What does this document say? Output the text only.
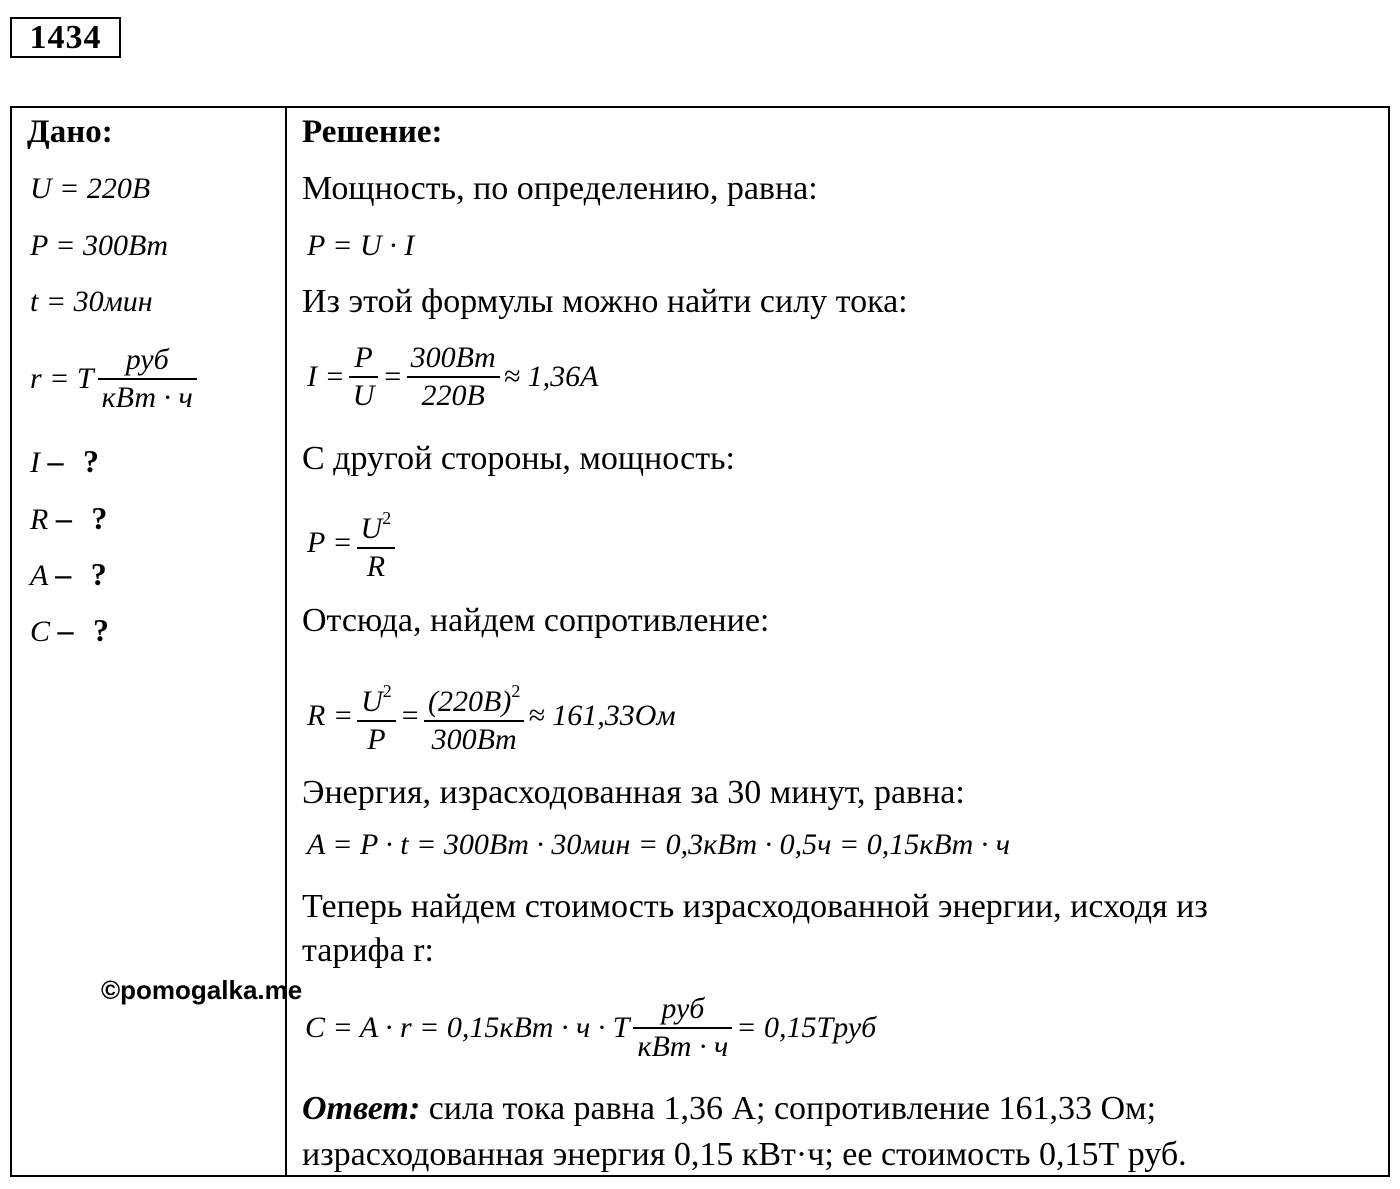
1434
Дано:
U = 220B
P = 300Bm
t = 30мин
r = T $\frac{\text{руб}}{\text{кВт · ч}}$
I – ?
R – ?
A – ?
C – ?
Решение:
Мощность, по определению, равна:
P = U · I
Из этой формулы можно найти силу тока:
$I = \frac{P}{U} = \frac{300Bm}{220B} \approx 1,36A$
С другой стороны, мощность:
$P = \frac{U^2}{R}$
Отсюда, найдем сопротивление:
$R = \frac{U^2}{P} = \frac{(220B)^2}{300Bm} \approx 161,33Ом$
Энергия, израсходованная за 30 минут, равна:
A = P · t = 300Bm · 30мин = 0,3кBm · 0,5ч = 0,15кBm · ч
Теперь найдем стоимость израсходованной энергии, исходя из
тарифа r:
C = A · r = 0,15кBm · ч · T $\frac{\text{руб}}{\text{кBm · ч}}$ = 0,15Tруб
Ответ: сила тока равна 1,36 А; сопротивление 161,33 Ом;
израсходованная энергия 0,15 кВт·ч; ее стоимость 0,15Т руб.
©pomogalka.me
